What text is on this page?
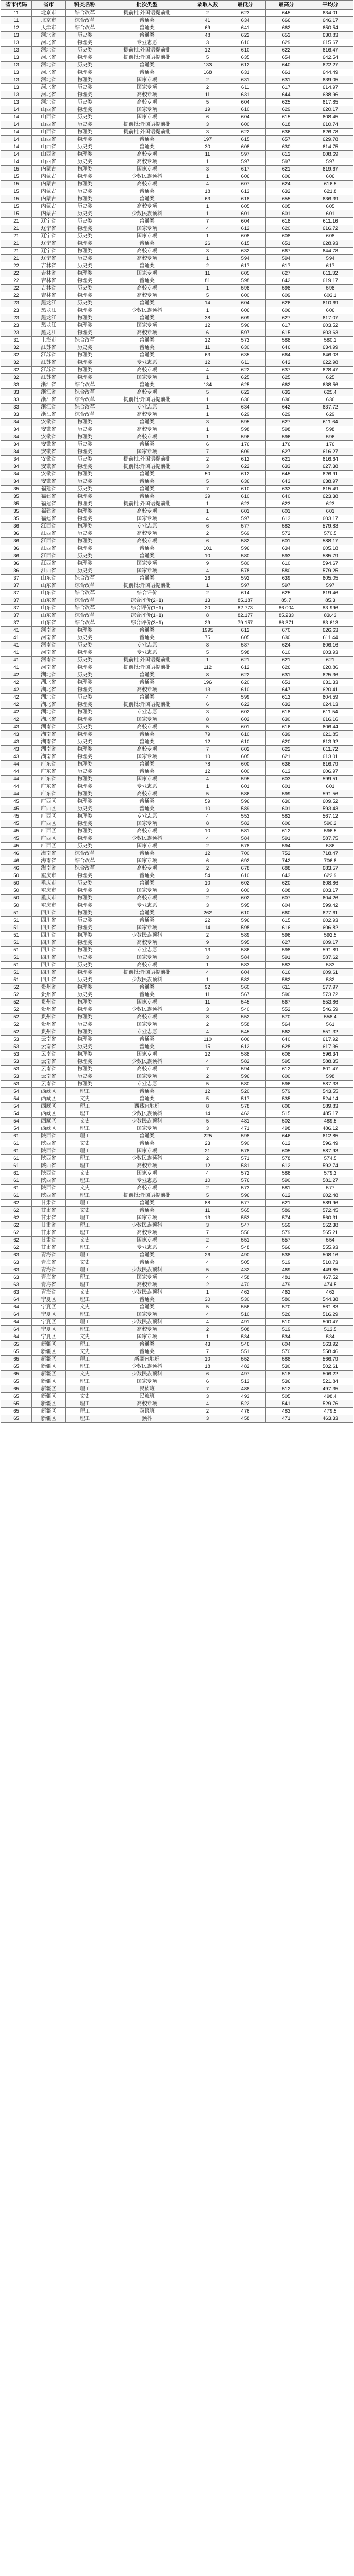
省市代码	省市	科类名称	批次类型	录取人数	最低分	最高分	平均分
11	北京市	综合改革	提前批:外国语提前批	2	623	645	634.01
11	北京市	综合改革	普通类	41	634	666	646.17
12	天津市	综合改革	普通类	69	641	662	650.54
13	河北省	历史类	普通类	48	622	653	630.83
13	河北省	物理类	专业志愿	3	610	629	615.67
13	河北省	历史类	提前批:外国语提前批	12	610	622	616.47
13	河北省	物理类	提前批:外国语提前批	5	635	654	642.54
13	河北省	历史类	普通类	133	612	640	622.27
13	河北省	物理类	普通类	168	631	661	644.49
13	河北省	物理类	国家专项	2	631	631	639.05
13	河北省	历史类	国家专项	2	611	617	614.97
13	河北省	物理类	高校专项	11	631	644	638.96
13	河北省	历史类	高校专项	5	604	625	617.85
14	山西省	物理类	国家专项	19	610	629	620.17
14	山西省	历史类	国家专项	6	604	615	608.45
14	山西省	历史类	提前批:外国语提前批	3	600	618	610.74
14	山西省	物理类	提前批:外国语提前批	3	622	636	626.78
14	山西省	物理类	普通类	197	615	657	629.78
14	山西省	历史类	普通类	30	608	630	614.75
14	山西省	物理类	高校专项	11	597	613	608.69
14	山西省	历史类	高校专项	1	597	597	597
15	内蒙古	物理类	国家专项	3	617	621	619.67
15	内蒙古	物理类	少数民族预科	1	606	606	606
15	内蒙古	物理类	高校专项	4	607	624	616.5
15	内蒙古	历史类	普通类	18	613	632	621.8
15	内蒙古	物理类	普通类	63	618	655	636.39
15	内蒙古	历史类	高校专项	1	605	605	605
15	内蒙古	历史类	少数民族预科	1	601	601	601
21	辽宁省	历史类	普通类	7	604	618	611.16
21	辽宁省	物理类	国家专项	4	612	620	616.72
21	辽宁省	历史类	国家专项	1	608	608	608
21	辽宁省	物理类	普通类	26	615	651	628.93
21	辽宁省	物理类	高校专项	3	632	667	644.78
21	辽宁省	历史类	高校专项	1	594	594	594
22	吉林省	历史类	普通类	2	617	617	617
22	吉林省	物理类	国家专项	11	605	627	611.32
22	吉林省	物理类	普通类	81	598	642	619.17
22	吉林省	历史类	高校专项	1	598	598	598
22	吉林省	物理类	高校专项	5	600	609	603.1
23	黑龙江	历史类	普通类	14	604	626	610.69
23	黑龙江	物理类	少数民族预科	1	606	606	606
23	黑龙江	物理类	普通类	38	609	627	617.07
23	黑龙江	物理类	国家专项	12	596	617	603.52
23	黑龙江	物理类	高校专项	6	597	615	603.63
31	上海市	综合改革	普通类	12	573	588	580.1
32	江苏省	历史类	普通类	11	630	646	634.99
32	江苏省	物理类	普通类	63	635	664	646.03
32	江苏省	物理类	专业志愿	12	611	642	622.98
32	江苏省	物理类	高校专项	4	622	637	628.47
32	江苏省	物理类	国家专项	1	625	625	625
33	浙江省	综合改革	普通类	134	625	662	638.56
33	浙江省	综合改革	高校专项	5	622	632	625.4
33	浙江省	综合改革	提前批:外国语提前批	1	636	636	636
33	浙江省	综合改革	专业志愿	1	634	642	637.72
33	浙江省	综合改革	高校专项	1	629	629	629
34	安徽省	物理类	普通类	3	595	627	611.64
34	安徽省	历史类	高校专项	1	598	598	598
34	安徽省	物理类	高校专项	1	596	596	596
34	安徽省	历史类	普通类	6	176	176	176
34	安徽省	物理类	国家专项	7	609	627	616.27
34	安徽省	历史类	提前批:外国语提前批	2	612	621	616.64
34	安徽省	物理类	提前批:外国语提前批	3	622	633	627.38
34	安徽省	物理类	普通类	50	612	645	626.91
34	安徽省	历史类	普通类	5	636	643	638.97
35	福建省	历史类	普通类	7	610	633	615.49
35	福建省	物理类	普通类	39	610	640	623.38
35	福建省	物理类	提前批:外国语提前批	1	623	623	623
35	福建省	物理类	高校专项	1	601	601	601
35	福建省	物理类	国家专项	4	597	613	603.17
36	江西省	物理类	专业志愿	6	577	583	579.83
36	江西省	历史类	高校专项	2	569	572	570.5
36	江西省	物理类	高校专项	6	582	601	588.17
36	江西省	物理类	普通类	101	596	634	605.18
36	江西省	历史类	普通类	10	580	593	585.79
36	江西省	物理类	国家专项	9	580	610	594.67
36	江西省	历史类	国家专项	4	578	580	579.25
37	山东省	综合改革	普通类	26	592	639	605.05
37	山东省	综合改革	提前批:外国语提前批	1	597	597	597
37	山东省	综合改革	综合评价	2	614	625	619.46
37	山东省	综合改革	综合评价(2+1)	13	85.187	85.7	85.3
37	山东省	综合改革	综合评价(1+1)	20	82.773	86.004	83.996
37	山东省	综合改革	综合评价(1+1)	8	82.177	85.233	83.43
37	山东省	综合改革	综合评价(3+1)	29	79.157	86.371	83.613
41	河南省	物理类	普通类	1995	612	670	626.63
41	河南省	历史类	普通类	75	605	630	611.44
41	河南省	历史类	专业志愿	8	587	624	606.16
41	河南省	物理类	专业志愿	5	598	610	603.93
41	河南省	历史类	提前批:外国语提前批	1	621	621	621
41	河南省	物理类	提前批:外国语提前批	112	612	626	620.86
42	湖北省	历史类	普通类	8	622	631	625.36
42	湖北省	物理类	普通类	196	620	651	631.33
42	湖北省	物理类	高校专项	13	610	647	620.41
42	湖北省	历史类	普通类	4	599	613	604.59
42	湖北省	物理类	提前批:外国语提前批	6	622	632	624.13
42	湖北省	物理类	专业志愿	3	602	618	611.54
42	湖北省	物理类	国家专项	8	602	630	616.16
43	湖南省	历史类	高校专项	5	601	616	606.44
43	湖南省	物理类	普通类	79	610	639	621.85
43	湖南省	历史类	普通类	12	610	620	613.92
43	湖南省	物理类	高校专项	7	602	622	611.72
43	湖南省	物理类	国家专项	10	605	621	613.01
44	广东省	物理类	普通类	78	600	636	616.79
44	广东省	历史类	普通类	12	600	613	606.97
44	广东省	物理类	国家专项	4	595	603	599.51
44	广东省	物理类	专业志愿	1	601	601	601
44	广东省	物理类	高校专项	5	586	599	591.56
45	广西区	物理类	普通类	59	596	630	609.52
45	广西区	历史类	普通类	10	589	601	593.43
45	广西区	物理类	专业志愿	4	553	582	567.12
45	广西区	物理类	国家专项	8	582	606	590.2
45	广西区	物理类	高校专项	10	581	612	596.5
45	广西区	物理类	少数民族预科	4	584	591	587.75
45	广西区	历史类	国家专项	2	578	594	586
46	海南省	综合改革	普通类	12	700	752	718.47
46	海南省	综合改革	国家专项	6	692	742	706.8
46	海南省	综合改革	高校专项	2	678	688	683.57
50	重庆市	物理类	普通类	54	610	643	622.9
50	重庆市	历史类	普通类	10	602	620	608.86
50	重庆市	物理类	国家专项	3	600	608	603.17
50	重庆市	物理类	高校专项	2	602	607	604.26
50	重庆市	物理类	专业志愿	3	595	604	599.42
51	四川省	物理类	普通类	262	610	660	627.61
51	四川省	历史类	普通类	22	596	615	602.93
51	四川省	物理类	国家专项	14	598	616	606.82
51	四川省	物理类	少数民族预科	2	589	596	592.5
51	四川省	物理类	高校专项	9	595	627	609.17
51	四川省	物理类	专业志愿	13	586	598	591.89
51	四川省	历史类	国家专项	3	584	591	587.62
51	四川省	历史类	高校专项	1	583	583	583
51	四川省	物理类	提前批:外国语提前批	4	604	616	609.61
51	四川省	历史类	少数民族预科	1	582	582	582
52	贵州省	物理类	普通类	92	560	611	577.97
52	贵州省	历史类	普通类	11	567	590	573.72
52	贵州省	物理类	国家专项	11	545	567	553.86
52	贵州省	物理类	少数民族预科	3	540	552	546.59
52	贵州省	物理类	高校专项	8	552	570	558.4
52	贵州省	历史类	国家专项	2	558	564	561
52	贵州省	物理类	专业志愿	4	545	562	551.32
53	云南省	物理类	普通类	110	606	640	617.92
53	云南省	历史类	普通类	15	612	628	617.36
53	云南省	物理类	国家专项	12	588	608	596.34
53	云南省	物理类	少数民族预科	4	582	595	588.35
53	云南省	物理类	高校专项	7	594	612	601.47
53	云南省	历史类	国家专项	2	596	600	598
53	云南省	物理类	专业志愿	5	580	596	587.33
54	西藏区	理工	普通类	12	520	579	543.55
54	西藏区	文史	普通类	5	517	535	524.14
54	西藏区	理工	西藏内地班	8	578	606	589.83
54	西藏区	理工	少数民族预科	14	462	515	485.17
54	西藏区	文史	少数民族预科	5	481	502	489.5
54	西藏区	理工	国家专项	3	471	498	486.12
61	陕西省	理工	普通类	225	598	646	612.85
61	陕西省	文史	普通类	23	590	612	596.49
61	陕西省	理工	国家专项	21	578	605	587.93
61	陕西省	理工	少数民族预科	2	571	578	574.5
61	陕西省	理工	高校专项	12	581	612	592.74
61	陕西省	文史	国家专项	4	572	586	579.3
61	陕西省	理工	专业志愿	10	576	590	581.27
61	陕西省	文史	高校专项	2	573	581	577
61	陕西省	理工	提前批:外国语提前批	5	596	612	602.48
62	甘肃省	理工	普通类	88	577	621	589.96
62	甘肃省	文史	普通类	11	565	589	572.45
62	甘肃省	理工	国家专项	13	553	574	560.31
62	甘肃省	理工	少数民族预科	3	547	559	552.38
62	甘肃省	理工	高校专项	7	556	579	565.21
62	甘肃省	文史	国家专项	2	551	557	554
62	甘肃省	理工	专业志愿	4	548	566	555.93
63	青海省	理工	普通类	26	490	538	508.16
63	青海省	文史	普通类	4	505	519	510.73
63	青海省	理工	少数民族预科	5	432	469	449.85
63	青海省	理工	国家专项	4	458	481	467.52
63	青海省	理工	高校专项	2	470	479	474.5
63	青海省	文史	少数民族预科	1	462	462	462
64	宁夏区	理工	普通类	30	530	580	544.38
64	宁夏区	文史	普通类	5	556	570	561.83
64	宁夏区	理工	国家专项	4	510	526	516.29
64	宁夏区	理工	少数民族预科	4	491	510	500.47
64	宁夏区	理工	高校专项	2	508	519	513.5
64	宁夏区	文史	国家专项	1	534	534	534
65	新疆区	理工	普通类	43	546	604	563.92
65	新疆区	文史	普通类	7	551	570	558.46
65	新疆区	理工	新疆内地班	10	552	588	566.79
65	新疆区	理工	少数民族预科	18	482	530	502.61
65	新疆区	文史	少数民族预科	6	497	518	506.22
65	新疆区	理工	国家专项	6	513	536	521.84
65	新疆区	理工	民族班	7	488	512	497.35
65	新疆区	文史	民族班	3	493	505	498.4
65	新疆区	理工	高校专项	4	522	541	529.76
65	新疆区	理工	双语班	2	476	483	479.5
65	新疆区	理工	预科	3	458	471	463.33
